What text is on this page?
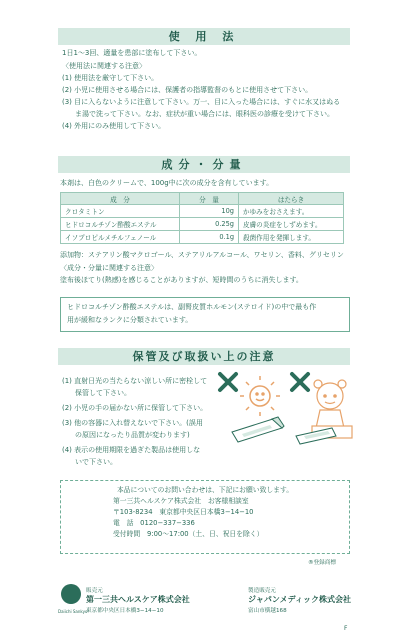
使 用 法
1日1～3回、適量を患部に塗布して下さい。
〈使用法に関連する注意〉
(1) 使用法を厳守して下さい。
(2) 小児に使用させる場合には、保護者の指導監督のもとに使用させて下さい。
(3) 目に入らないように注意して下さい。万一、目に入った場合には、すぐに水又はぬる
ま湯で洗って下さい。なお、症状が重い場合には、眼科医の診療を受けて下さい。
(4) 外用にのみ使用して下さい。
成分・分量
本剤は、白色のクリームで、100g中に次の成分を含有しています。
成　分	分　量	はたらき
クロタミトン	10g	かゆみをおさえます。
ヒドロコルチゾン酢酸エステル	0.25g	皮膚の炎症をしずめます。
イソプロピルメチルフェノール	0.1g	殺菌作用を発揮します。
添加物：ステアリン酸マクロゴール、ステアリルアルコール、ワセリン、香料、グリセリン
〈成分・分量に関連する注意〉
塗布後ほてり(熱感)を感じることがありますが、短時間のうちに消失します。
ヒドロコルチゾン酢酸エステルは、副腎皮質ホルモン(ステロイド)の中で最も作
用が緩和なランクに分類されています。
保管及び取扱い上の注意
(1) 直射日光の当たらない涼しい所に密栓して
保管して下さい。
(2) 小児の手の届かない所に保管して下さい。
(3) 他の容器に入れ替えないで下さい。(誤用
の原因になったり品質が変わります)
(4) 表示の使用期限を過ぎた製品は使用しな
いで下さい。
本品についてのお問い合わせは、下記にお願い致します。
第一三共ヘルスケア株式会社　お客様相談室
〒103-8234　東京都中央区日本橋3−14−10
電　話　0120−337−336
受付時間　9:00〜17:00（土、日、祝日を除く）
®登録商標
Daiichi Sankyo
販売元
第一三共ヘルスケア株式会社
東京都中央区日本橋3−14−10
製造販売元
ジャパンメディック株式会社
富山市横越168
F
